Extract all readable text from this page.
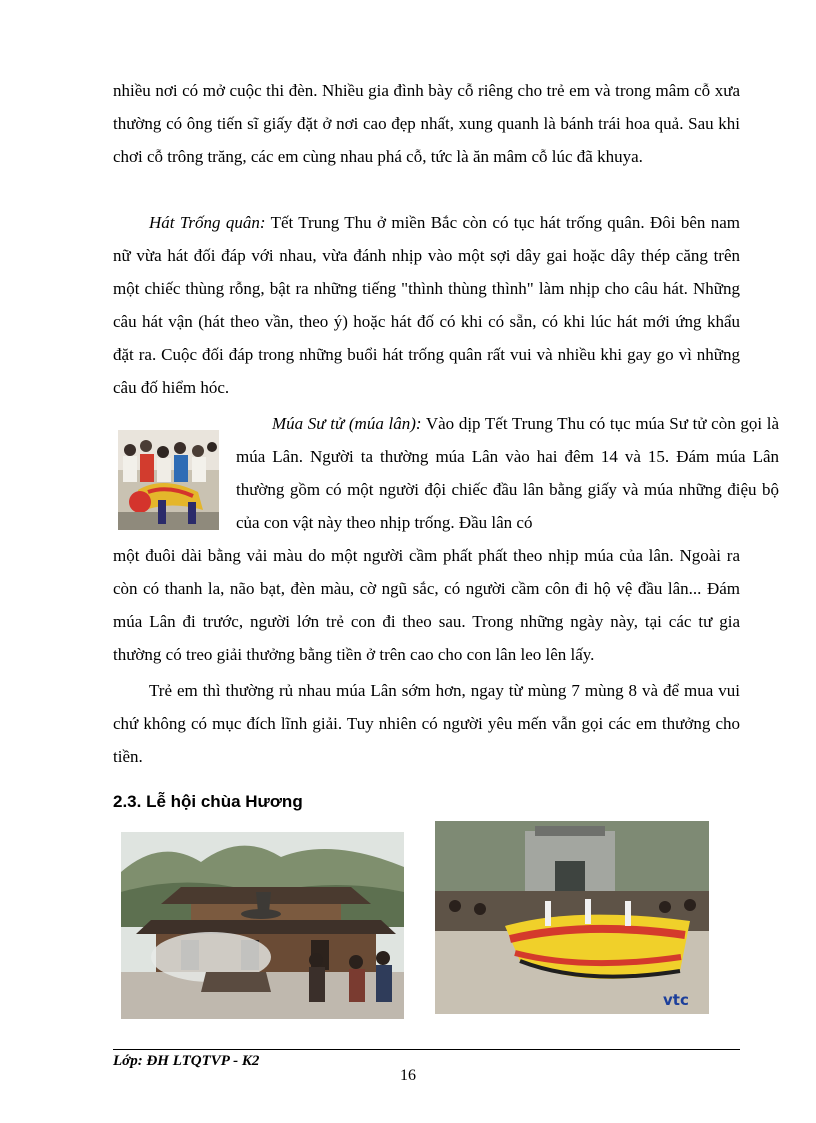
nhiều nơi có mở cuộc thi đèn. Nhiều gia đình bày cỗ riêng cho trẻ em và trong mâm cỗ xưa thường có ông tiến sĩ giấy đặt ở nơi cao đẹp nhất, xung quanh là bánh trái hoa quả. Sau khi chơi cỗ trông trăng, các em cùng nhau phá cỗ, tức là ăn mâm cỗ lúc đã khuya.

Hát Trống quân: Tết Trung Thu ở miền Bắc còn có tục hát trống quân. Đôi bên nam nữ vừa hát đối đáp với nhau, vừa đánh nhịp vào một sợi dây gai hoặc dây thép căng trên một chiếc thùng rỗng, bật ra những tiếng "thình thùng thình" làm nhịp cho câu hát. Những câu hát vận (hát theo vần, theo ý) hoặc hát đố có khi có sẵn, có khi lúc hát mới ứng khẩu đặt ra. Cuộc đối đáp trong những buổi hát trống quân rất vui và nhiều khi gay go vì những câu đố hiểm hóc.

Múa Sư tử (múa lân): Vào dịp Tết Trung Thu có tục múa Sư tử còn gọi là múa Lân. Người ta thường múa Lân vào hai đêm 14 và 15. Đám múa Lân thường gồm có một người đội chiếc đầu lân bằng giấy và múa những điệu bộ của con vật này theo nhịp trống. Đầu lân có

một đuôi dài bằng vải màu do một người cầm phất phất theo nhịp múa của lân. Ngoài ra còn có thanh la, não bạt, đèn màu, cờ ngũ sắc, có người cầm côn đi hộ vệ đầu lân... Đám múa Lân đi trước, người lớn trẻ con đi theo sau. Trong những ngày này, tại các tư gia thường có treo giải thưởng bằng tiền ở trên cao cho con lân leo lên lấy.

Trẻ em thì thường rủ nhau múa Lân sớm hơn, ngay từ mùng 7 mùng 8 và để mua vui chứ không có mục đích lĩnh giải. Tuy nhiên có người yêu mến vẫn gọi các em thưởng cho tiền.

2.3. Lễ hội chùa Hương
vtc
Lớp: ĐH LTQTVP - K2
16
